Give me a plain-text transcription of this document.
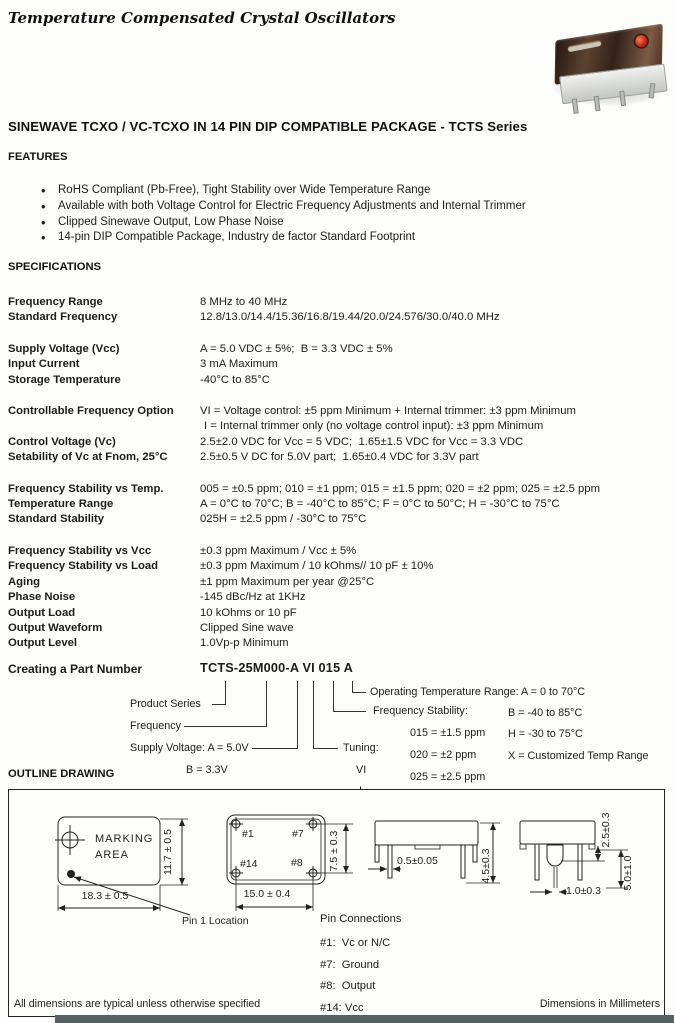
Temperature Compensated Crystal Oscillators
SINEWAVE TCXO / VC-TCXO IN 14 PIN DIP COMPATIBLE PACKAGE - TCTS Series
FEATURES
• RoHS Compliant (Pb-Free), Tight Stability over Wide Temperature Range
• Available with both Voltage Control for Electric Frequency Adjustments and Internal Trimmer
• Clipped Sinewave Output, Low Phase Noise
• 14-pin DIP Compatible Package, Industry de factor Standard Footprint
SPECIFICATIONS
Frequency Range	8 MHz to 40 MHz
Standard Frequency	12.8/13.0/14.4/15.36/16.8/19.44/20.0/24.576/30.0/40.0 MHz
Supply Voltage (Vcc)	A = 5.0 VDC ± 5%;  B = 3.3 VDC ± 5%
Input Current	3 mA Maximum
Storage Temperature	-40°C to 85°C
Controllable Frequency Option	VI = Voltage control: ±5 ppm Minimum + Internal trimmer: ±3 ppm Minimum
I = Internal trimmer only (no voltage control input): ±3 ppm Minimum
Control Voltage (Vc)	2.5±2.0 VDC for Vcc = 5 VDC;  1.65±1.5 VDC for Vcc = 3.3 VDC
Setability of Vc at Fnom, 25°C	2.5±0.5 V DC for 5.0V part;  1.65±0.4 VDC for 3.3V part
Frequency Stability vs Temp.	005 = ±0.5 ppm; 010 = ±1 ppm; 015 = ±1.5 ppm; 020 = ±2 ppm; 025 = ±2.5 ppm
Temperature Range	A = 0°C to 70°C; B = -40°C to 85°C; F = 0°C to 50°C; H = -30°C to 75°C
Standard Stability	025H = ±2.5 ppm / -30°C to 75°C
Frequency Stability vs Vcc	±0.3 ppm Maximum / Vcc ± 5%
Frequency Stability vs Load	±0.3 ppm Maximum / 10 kOhms// 10 pF ± 10%
Aging	±1 ppm Maximum per year @25°C
Phase Noise	-145 dBc/Hz at 1KHz
Output Load	10 kOhms or 10 pF
Output Waveform	Clipped Sine wave
Output Level	1.0Vp-p Minimum
Creating a Part Number	TCTS-25M000-A VI 015 A
Product Series
Frequency
Supply Voltage: A = 5.0V
B = 3.3V
Tuning:
VI
Frequency Stability:
015 = ±1.5 ppm
020 = ±2 ppm
025 = ±2.5 ppm
Operating Temperature Range: A = 0 to 70°C
B = -40 to 85°C
H = -30 to 75°C
X = Customized Temp Range
OUTLINE DRAWING
MARKING
AREA	11.7 ± 0.5
18.3 ± 0.5
Pin 1 Location
#1	#7
#14	#8 7.5 ± 0.3
15.0 ± 0.4
0.5±0.05	4.5±0.3
2.5±0.3
5.0±1.0
1.0±0.3
Pin Connections
#1:  Vc or N/C
#7:  Ground
#8:  Output
#14: Vcc
All dimensions are typical unless otherwise specified	Dimensions in Millimeters
